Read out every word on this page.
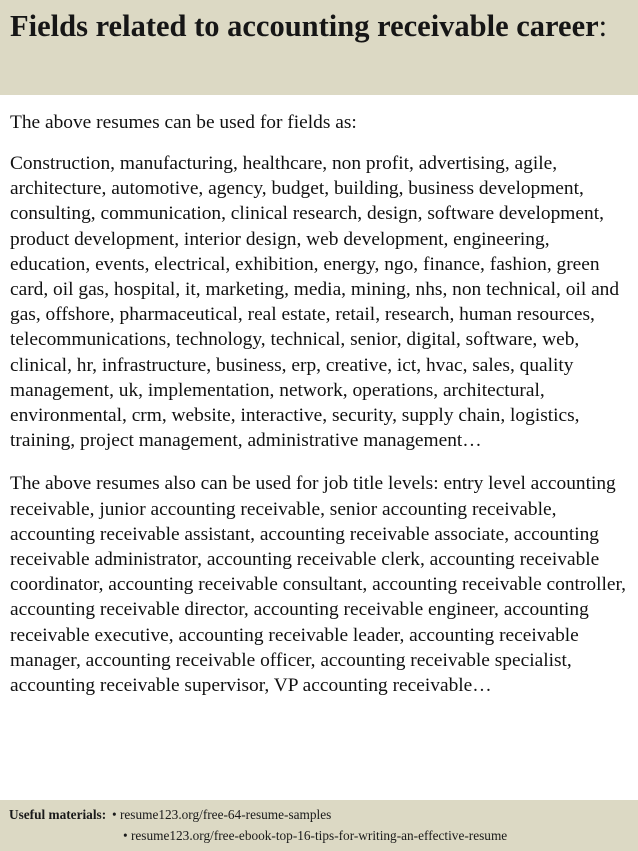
Fields related to accounting receivable career:

The above resumes can be used for fields as:

Construction, manufacturing, healthcare, non profit, advertising, agile, architecture, automotive, agency, budget, building, business development, consulting, communication, clinical research, design, software development, product development, interior design, web development, engineering, education, events, electrical, exhibition, energy, ngo, finance, fashion, green card, oil gas, hospital, it, marketing, media, mining, nhs, non technical, oil and gas, offshore, pharmaceutical, real estate, retail, research, human resources, telecommunications, technology, technical, senior, digital, software, web, clinical, hr, infrastructure, business, erp, creative, ict, hvac, sales, quality management, uk, implementation, network, operations, architectural, environmental, crm, website, interactive, security, supply chain, logistics, training, project management, administrative management…

The above resumes also can be used for job title levels: entry level accounting receivable, junior accounting receivable, senior accounting receivable, accounting receivable assistant, accounting receivable associate, accounting receivable administrator, accounting receivable clerk, accounting receivable coordinator, accounting receivable consultant, accounting receivable controller, accounting receivable director, accounting receivable engineer, accounting receivable executive, accounting receivable leader, accounting receivable manager, accounting receivable officer, accounting receivable specialist, accounting receivable supervisor, VP accounting receivable…

Useful materials: • resume123.org/free-64-resume-samples
• resume123.org/free-ebook-top-16-tips-for-writing-an-effective-resume
